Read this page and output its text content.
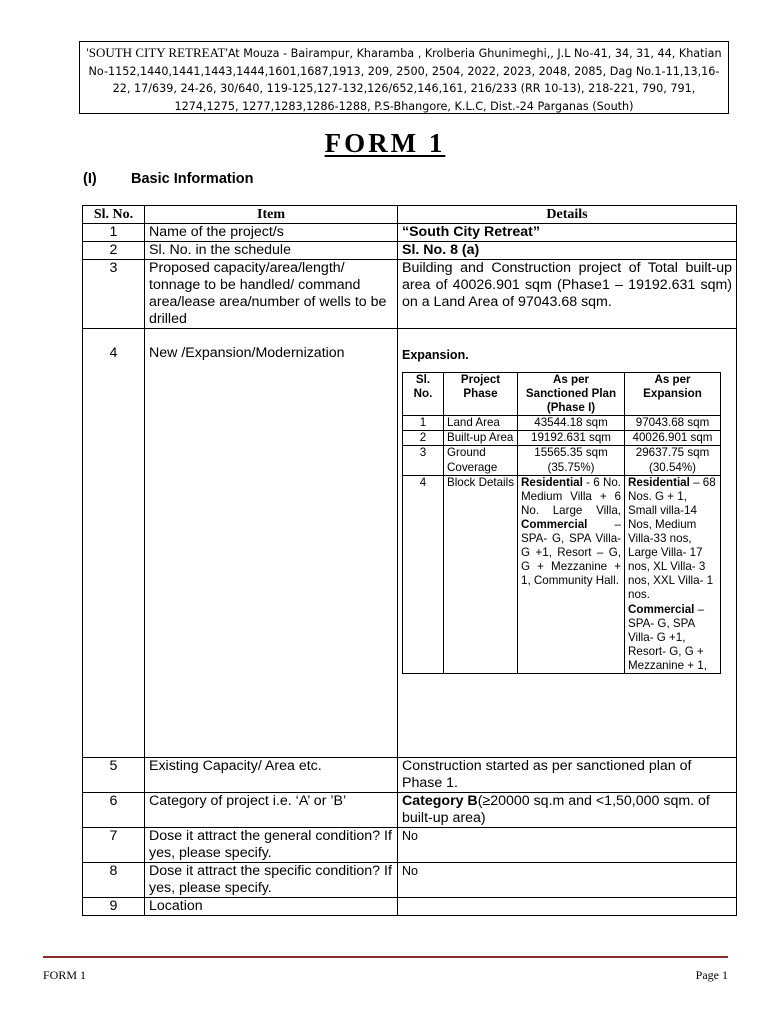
'SOUTH CITY RETREAT'At Mouza - Bairampur, Kharamba , Krolberia Ghunimeghi,, J.L No-41, 34, 31, 44, Khatian No-1152,1440,1441,1443,1444,1601,1687,1913, 209, 2500, 2504, 2022, 2023, 2048, 2085, Dag No.1-11,13,16-22, 17/639, 24-26, 30/640, 119-125,127-132,126/652,146,161, 216/233 (RR 10-13), 218-221, 790, 791, 1274,1275, 1277,1283,1286-1288, P.S-Bhangore, K.L.C, Dist.-24 Parganas (South)
FORM 1
(I) Basic Information
Sl. No.	Item	Details
1	Name of the project/s	“South City Retreat”
2	Sl. No. in the schedule	Sl. No. 8 (a)
3	Proposed capacity/area/length/ tonnage to be handled/ command area/lease area/number of wells to be drilled	Building and Construction project of Total built-up area of 40026.901 sqm (Phase1 – 19192.631 sqm) on a Land Area of 97043.68 sqm.
4	New /Expansion/Modernization	Expansion.
Sl. No.	Project Phase	As per Sanctioned Plan (Phase I)	As per Expansion
1	Land Area	43544.18 sqm	97043.68 sqm
2	Built-up Area	19192.631 sqm	40026.901 sqm
3	Ground Coverage	15565.35 sqm (35.75%)	29637.75 sqm (30.54%)
4	Block Details	Residential - 6 No. Medium Villa + 6 No. Large Villa, Commercial – SPA- G, SPA Villa- G +1, Resort – G, G + Mezzanine + 1, Community Hall.	Residential – 68 Nos. G + 1, Small villa-14 Nos, Medium Villa-33 nos, Large Villa- 17 nos, XL Villa- 3 nos, XXL Villa- 1 nos. Commercial – SPA- G, SPA Villa- G +1, Resort- G, G + Mezzanine + 1,

5	Existing Capacity/ Area etc.	Construction started as per sanctioned plan of Phase 1.
6	Category of project i.e. ‘A’ or ’B’	Category B(≥20000 sq.m and <1,50,000 sqm. of built-up area)
7	Dose it attract the general condition? If yes, please specify.	No
8	Dose it attract the specific condition? If yes, please specify.	No
9	Location	
FORM 1	Page 1
